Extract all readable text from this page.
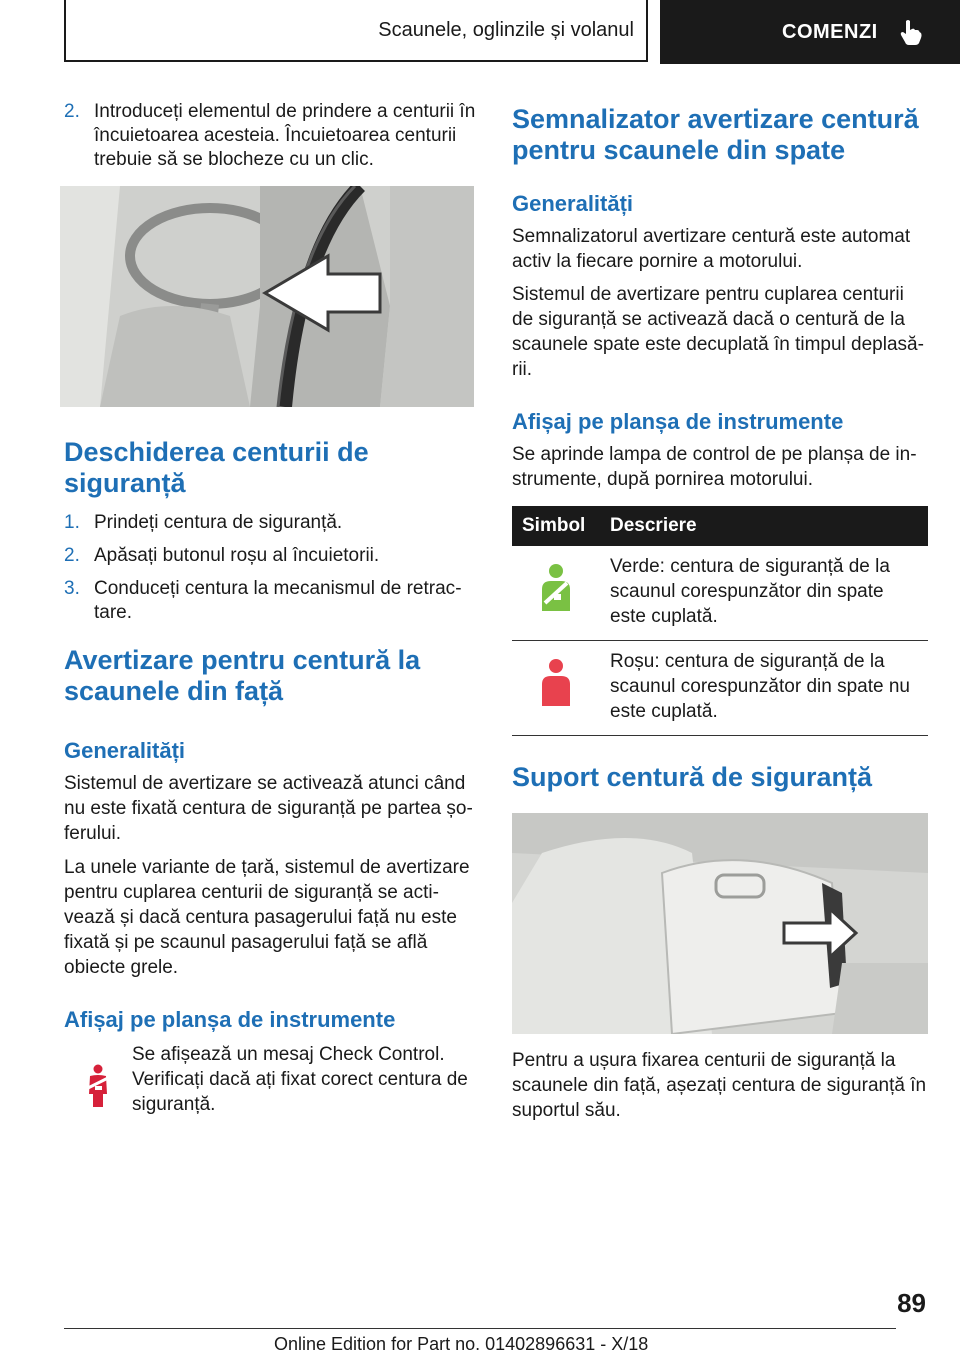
Scaunele, oglinzile și volanul	COMENZI
2. Introduceți elementul de prindere a centurii în încuietoarea acesteia. Încuietoarea centurii trebuie să se blocheze cu un clic.
Deschiderea centurii de siguranță
1. Prindeți centura de siguranță.
2. Apăsați butonul roșu al încuietorii.
3. Conduceți centura la mecanismul de retractare.
Avertizare pentru centură la scaunele din față
Generalități

Sistemul de avertizare se activează atunci când nu este fixată centura de siguranță pe partea șoferului.

La unele variante de țară, sistemul de avertizare pentru cuplarea centurii de siguranță se activează și dacă centura pasagerului față nu este fixată și pe scaunul pasagerului față se află obiecte grele.

Afișaj pe planșa de instrumente
Se afișează un mesaj Check Control. Verificați dacă ați fixat corect centura de siguranță.
Semnalizator avertizare centură pentru scaunele din spate
Generalități

Semnalizatorul avertizare centură este automat activ la fiecare pornire a motorului.

Sistemul de avertizare pentru cuplarea centurii de siguranță se activează dacă o centură de la scaunele spate este decuplată în timpul deplasării.

Afișaj pe planșa de instrumente

Se aprinde lampa de control de pe planșa de instrumente, după pornirea motorului.

Simbol	Descriere
	Verde: centura de siguranță de la scaunul corespunzător din spate este cuplată.
	Roșu: centura de siguranță de la scaunul corespunzător din spate nu este cuplată.
Suport centură de siguranță

Pentru a ușura fixarea centurii de siguranță la scaunele din față, așezați centura de siguranță în suportul său.

89
Online Edition for Part no. 01402896631 - X/18
